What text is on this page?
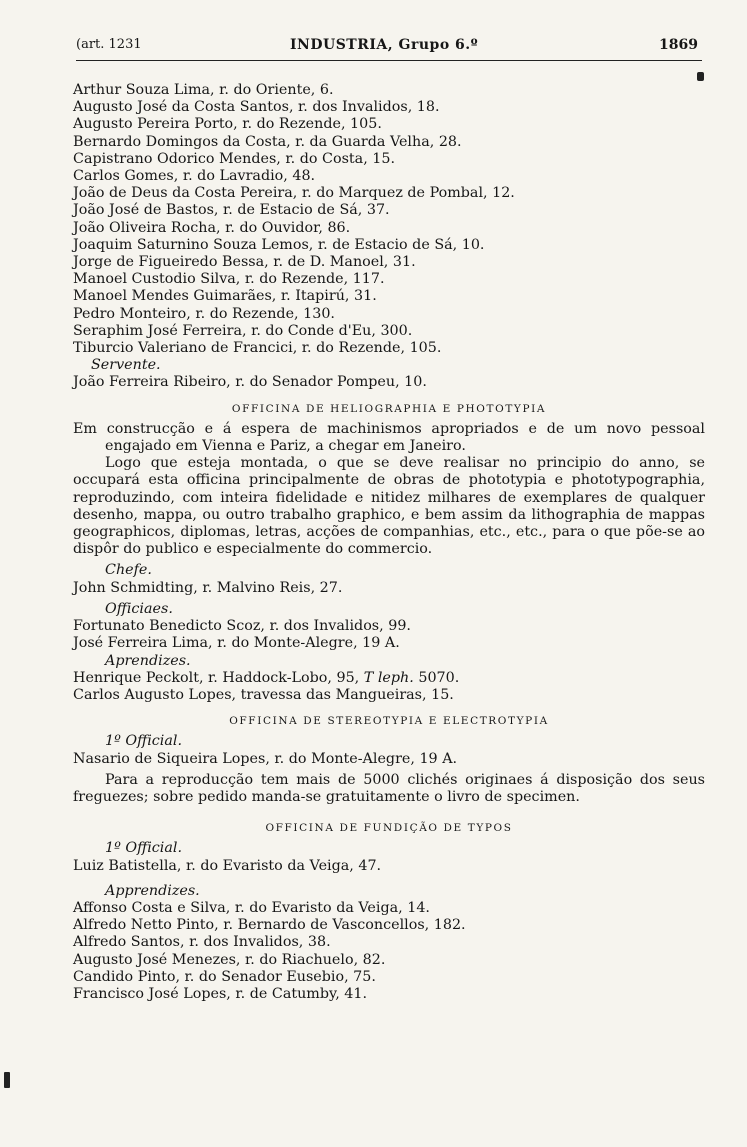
(art. 1231	INDUSTRIA, Grupo 6.º	1869
Arthur Souza Lima, r. do Oriente, 6.
Augusto José da Costa Santos, r. dos Invalidos, 18.
Augusto Pereira Porto, r. do Rezende, 105.
Bernardo Domingos da Costa, r. da Guarda Velha, 28.
Capistrano Odorico Mendes, r. do Costa, 15.
Carlos Gomes, r. do Lavradio, 48.
João de Deus da Costa Pereira, r. do Marquez de Pombal, 12.
João José de Bastos, r. de Estacio de Sá, 37.
João Oliveira Rocha, r. do Ouvidor, 86.
Joaquim Saturnino Souza Lemos, r. de Estacio de Sá, 10.
Jorge de Figueiredo Bessa, r. de D. Manoel, 31.
Manoel Custodio Silva, r. do Rezende, 117.
Manoel Mendes Guimarães, r. Itapirú, 31.
Pedro Monteiro, r. do Rezende, 130.
Seraphim José Ferreira, r. do Conde d'Eu, 300.
Tiburcio Valeriano de Francici, r. do Rezende, 105.
Servente.
João Ferreira Ribeiro, r. do Senador Pompeu, 10.
OFFICINA DE HELIOGRAPHIA E PHOTOTYPIA

Em construcção e á espera de machinismos apropriados e de um novo pessoal engajado em Vienna e Pariz, a chegar em Janeiro.

Logo que esteja montada, o que se deve realisar no principio do anno, se occupará esta officina principalmente de obras de phototypia e phototypographia, reproduzindo, com inteira fidelidade e nitidez milhares de exemplares de qualquer desenho, mappa, ou outro trabalho graphico, e bem assim da lithographia de mappas geographicos, diplomas, letras, acções de companhias, etc., etc., para o que põe-se ao dispôr do publico e especialmente do commercio.

Chefe.
John Schmidting, r. Malvino Reis, 27.
Officiaes.
Fortunato Benedicto Scoz, r. dos Invalidos, 99.
José Ferreira Lima, r. do Monte-Alegre, 19 A.
Aprendizes.
Henrique Peckolt, r. Haddock-Lobo, 95, T leph. 5070.
Carlos Augusto Lopes, travessa das Mangueiras, 15.
OFFICINA DE STEREOTYPIA E ELECTROTYPIA
1º Official.
Nasario de Siqueira Lopes, r. do Monte-Alegre, 19 A.

Para a reproducção tem mais de 5000 clichés originaes á disposição dos seus freguezes; sobre pedido manda-se gratuitamente o livro de specimen.

OFFICINA DE FUNDIÇÃO DE TYPOS
1º Official.
Luiz Batistella, r. do Evaristo da Veiga, 47.
Apprendizes.
Affonso Costa e Silva, r. do Evaristo da Veiga, 14.
Alfredo Netto Pinto, r. Bernardo de Vasconcellos, 182.
Alfredo Santos, r. dos Invalidos, 38.
Augusto José Menezes, r. do Riachuelo, 82.
Candido Pinto, r. do Senador Eusebio, 75.
Francisco José Lopes, r. de Catumby, 41.
